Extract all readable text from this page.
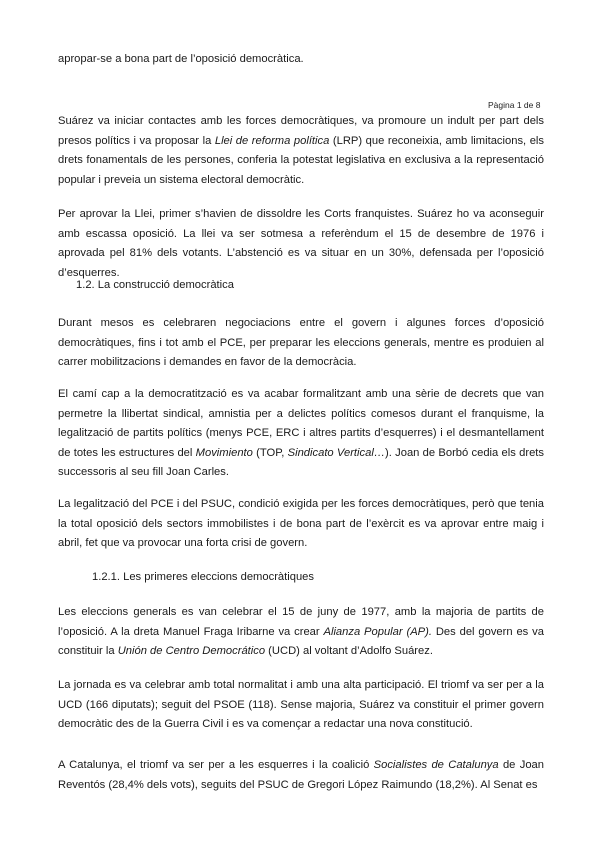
apropar-se a bona part de l’oposició democràtica.

Pàgina 1 de 8

Suárez va iniciar contactes amb les forces democràtiques, va promoure un indult per part dels presos polítics i va proposar la Llei de reforma política (LRP) que reconeixia, amb limitacions, els drets fonamentals de les persones, conferia la potestat legislativa en exclusiva a la representació popular i preveia un sistema electoral democràtic.

Per aprovar la Llei, primer s’havien de dissoldre les Corts franquistes. Suárez ho va aconseguir amb escassa oposició. La llei va ser sotmesa a referèndum el 15 de desembre de 1976 i aprovada pel 81% dels votants. L’abstenció es va situar en un 30%, defensada per l’oposició d’esquerres.

1.2. La construcció democràtica

Durant mesos es celebraren negociacions entre el govern i algunes forces d’oposició democràtiques, fins i tot amb el PCE, per preparar les eleccions generals, mentre es produien al carrer mobilitzacions i demandes en favor de la democràcia.

El camí cap a la democratització es va acabar formalitzant amb una sèrie de decrets que van permetre la llibertat sindical, amnistia per a delictes polítics comesos durant el franquisme, la legalització de partits polítics (menys PCE, ERC i altres partits d’esquerres) i el desmantellament de totes les estructures del Movimiento (TOP, Sindicato Vertical…). Joan de Borbó cedia els drets successoris al seu fill Joan Carles.

La legalització del PCE i del PSUC, condició exigida per les forces democràtiques, però que tenia la total oposició dels sectors immobilistes i de bona part de l’exèrcit es va aprovar entre maig i abril, fet que va provocar una forta crisi de govern.

1.2.1. Les primeres eleccions democràtiques

Les eleccions generals es van celebrar el 15 de juny de 1977, amb la majoria de partits de l’oposició. A la dreta Manuel Fraga Iribarne va crear Alianza Popular (AP). Des del govern es va constituir la Unión de Centro Democrático (UCD) al voltant d’Adolfo Suárez.

La jornada es va celebrar amb total normalitat i amb una alta participació. El triomf va ser per a la UCD (166 diputats); seguit del PSOE (118). Sense majoria, Suárez va constituir el primer govern democràtic des de la Guerra Civil i es va començar a redactar una nova constitució.

A Catalunya, el triomf va ser per a les esquerres i la coalició Socialistes de Catalunya de Joan Reventós (28,4% dels vots), seguits del PSUC de Gregori López Raimundo (18,2%). Al Senat es
